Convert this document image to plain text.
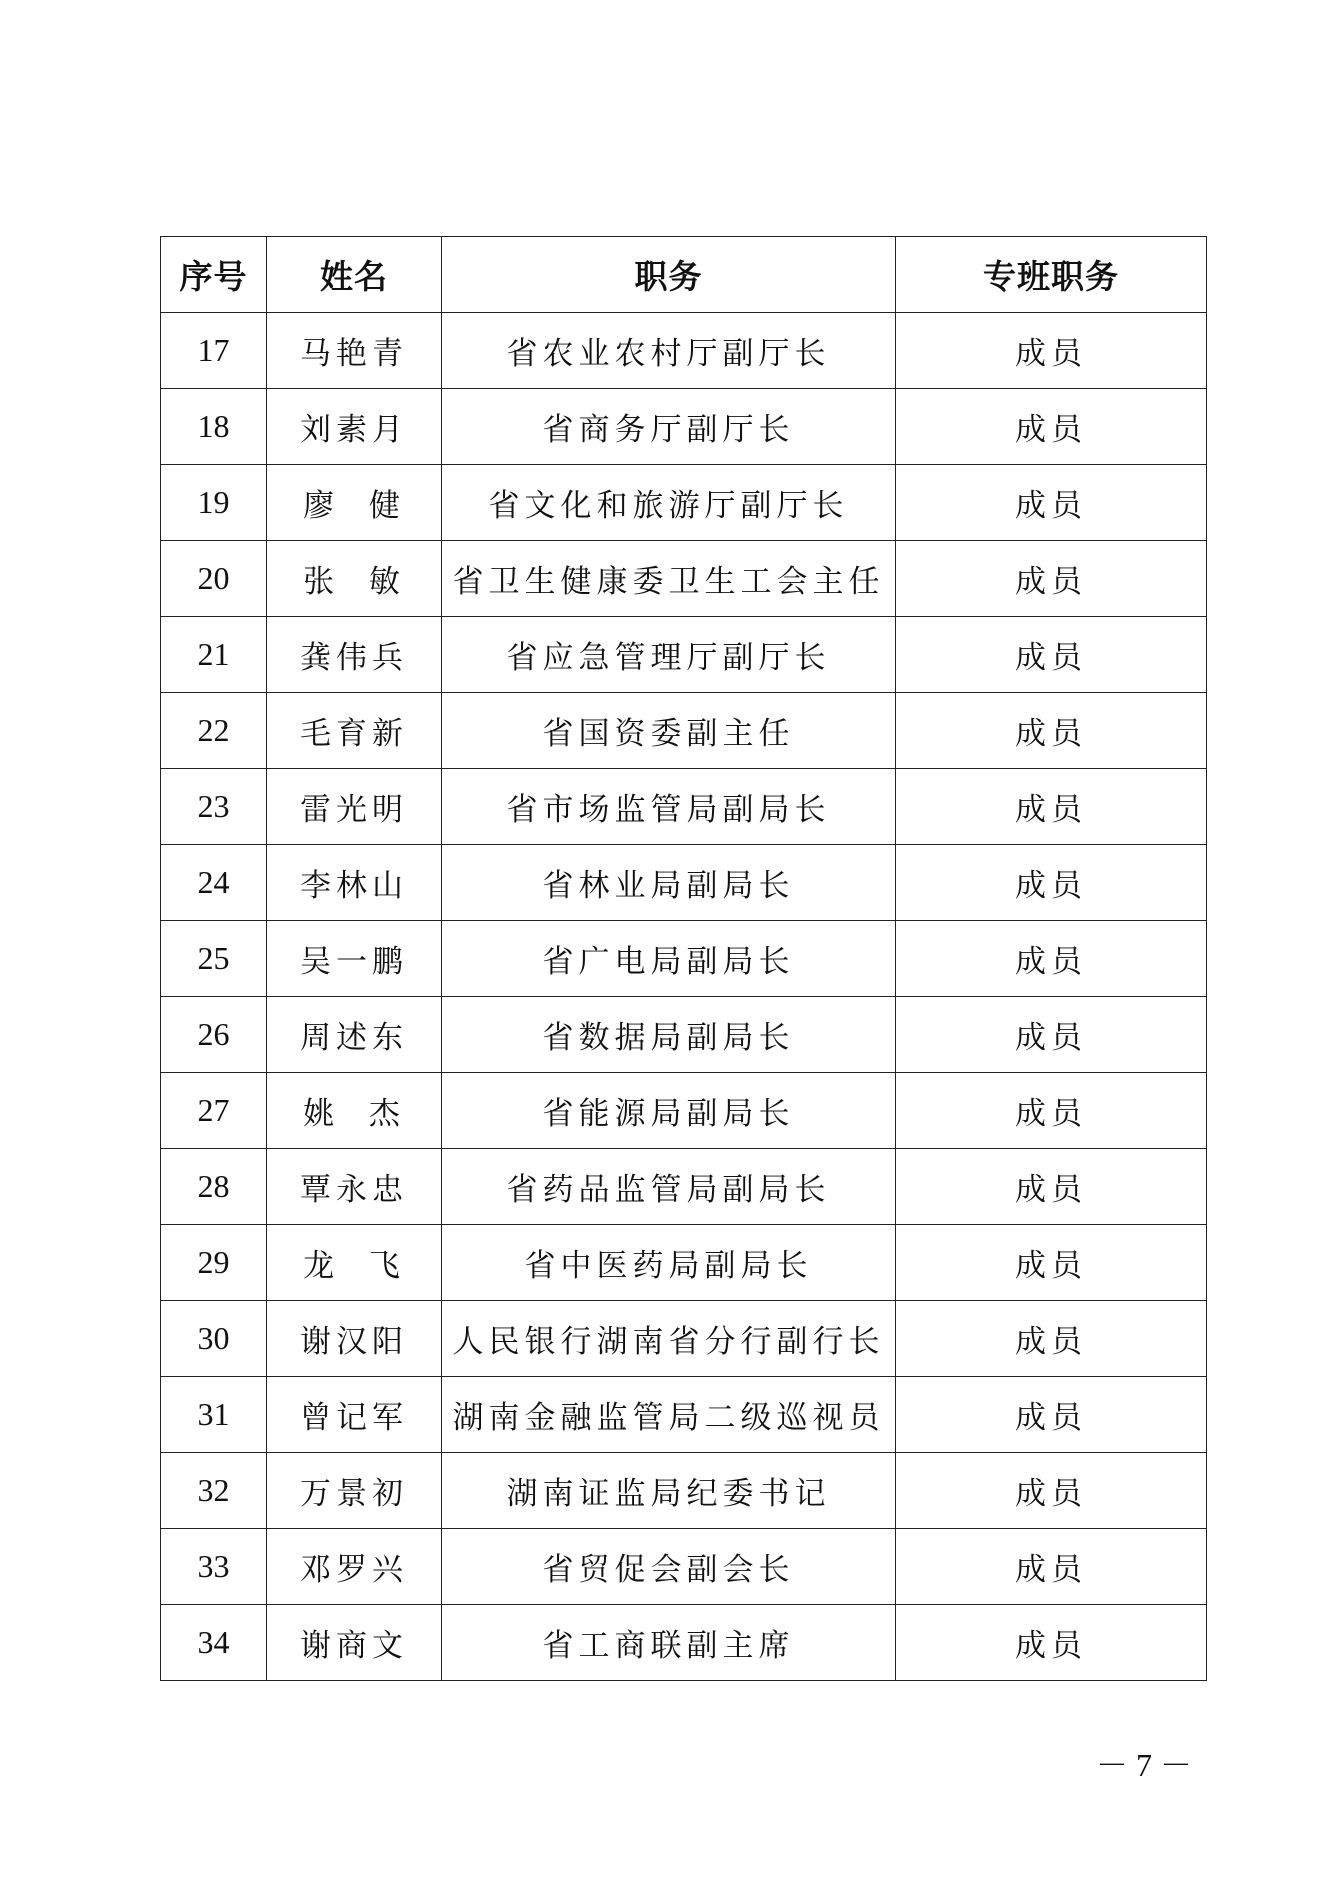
序号	姓名	职务	专班职务
17	马艳青	省农业农村厅副厅长	成员
18	刘素月	省商务厅副厅长	成员
19	廖  健	省文化和旅游厅副厅长	成员
20	张  敏	省卫生健康委卫生工会主任	成员
21	龚伟兵	省应急管理厅副厅长	成员
22	毛育新	省国资委副主任	成员
23	雷光明	省市场监管局副局长	成员
24	李林山	省林业局副局长	成员
25	吴一鹏	省广电局副局长	成员
26	周述东	省数据局副局长	成员
27	姚  杰	省能源局副局长	成员
28	覃永忠	省药品监管局副局长	成员
29	龙  飞	省中医药局副局长	成员
30	谢汉阳	人民银行湖南省分行副行长	成员
31	曾记军	湖南金融监管局二级巡视员	成员
32	万景初	湖南证监局纪委书记	成员
33	邓罗兴	省贸促会副会长	成员
34	谢商文	省工商联副主席	成员
－ 7 －
